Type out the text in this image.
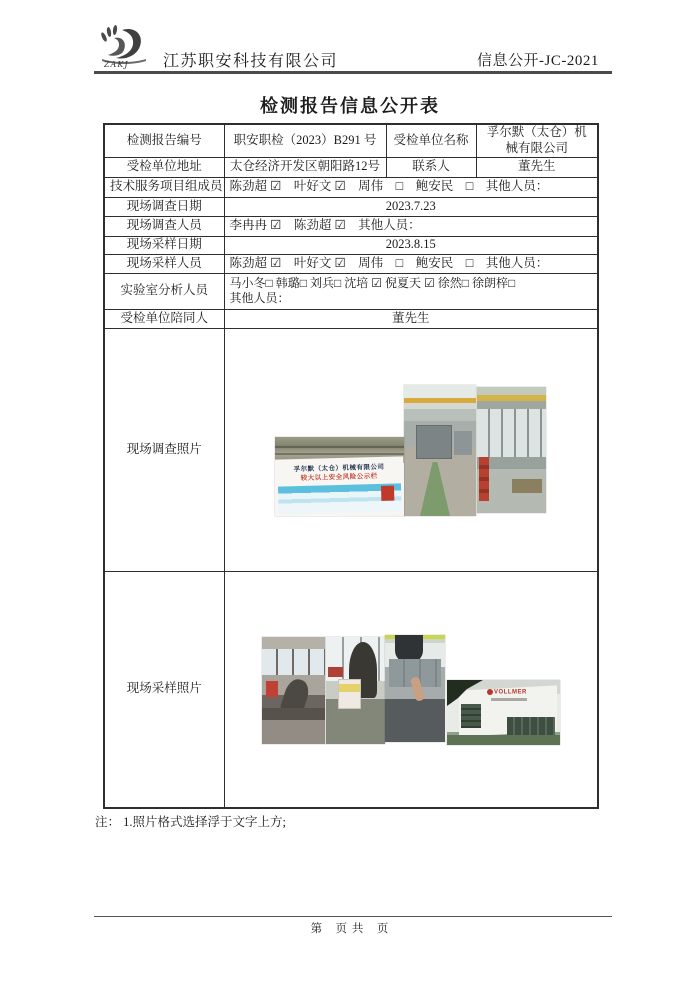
ZAKJ 江苏职安科技有限公司	信息公开-JC-2021
检测报告信息公开表
检测报告编号	职安职检（2023）B291 号	受检单位名称	孚尔默（太仓）机械有限公司
受检单位地址	太仓经济开发区朝阳路12号	联系人	董先生
技术服务项目组成员	陈劲超 ☑　叶好文 ☑　周伟　□　鲍安民　□　其他人员：		
现场调查日期	2023.7.23		
现场调查人员	李冉冉 ☑　陈劲超 ☑　其他人员：		
现场采样日期	2023.8.15		
现场采样人员	陈劲超 ☑　叶好文 ☑　周伟　□　鲍安民　□　其他人员：		
实验室分析人员	马小冬□ 韩璐□ 刘兵□ 沈培 ☑ 倪夏天 ☑ 徐然□ 徐朗梓□
其他人员：		

受检单位陪同人	董先生		
现场调查照片			
现场采样照片			
孚尔默（太仓）机械有限公司
较大以上安全风险公示栏
VOLLMER
注： 1.照片格式选择浮于文字上方;
第　页 共　页
